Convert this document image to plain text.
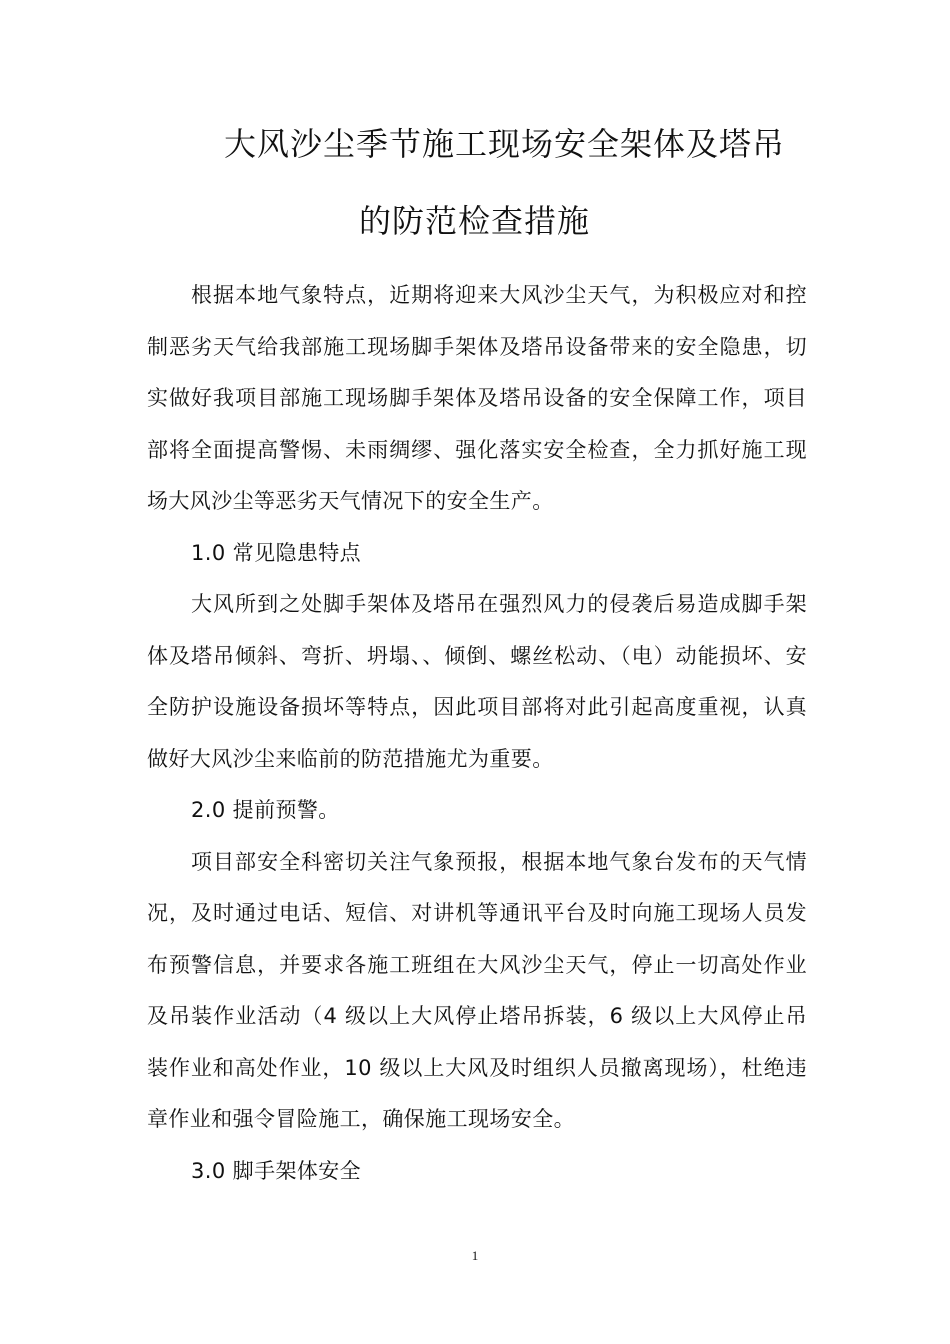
大风沙尘季节施工现场安全架体及塔吊
的防范检查措施

根据本地气象特点，近期将迎来大风沙尘天气，为积极应对和控制恶劣天气给我部施工现场脚手架体及塔吊设备带来的安全隐患，切实做好我项目部施工现场脚手架体及塔吊设备的安全保障工作，项目部将全面提高警惕、未雨绸缪、强化落实安全检查，全力抓好施工现场大风沙尘等恶劣天气情况下的安全生产。

1.0 常见隐患特点

大风所到之处脚手架体及塔吊在强烈风力的侵袭后易造成脚手架体及塔吊倾斜、弯折、坍塌、、倾倒、螺丝松动、（电）动能损坏、安全防护设施设备损坏等特点，因此项目部将对此引起高度重视，认真做好大风沙尘来临前的防范措施尤为重要。

2.0 提前预警。

项目部安全科密切关注气象预报，根据本地气象台发布的天气情况，及时通过电话、短信、对讲机等通讯平台及时向施工现场人员发布预警信息，并要求各施工班组在大风沙尘天气，停止一切高处作业及吊装作业活动（4 级以上大风停止塔吊拆装，6 级以上大风停止吊装作业和高处作业，10 级以上大风及时组织人员撤离现场），杜绝违章作业和强令冒险施工，确保施工现场安全。

3.0 脚手架体安全

1
